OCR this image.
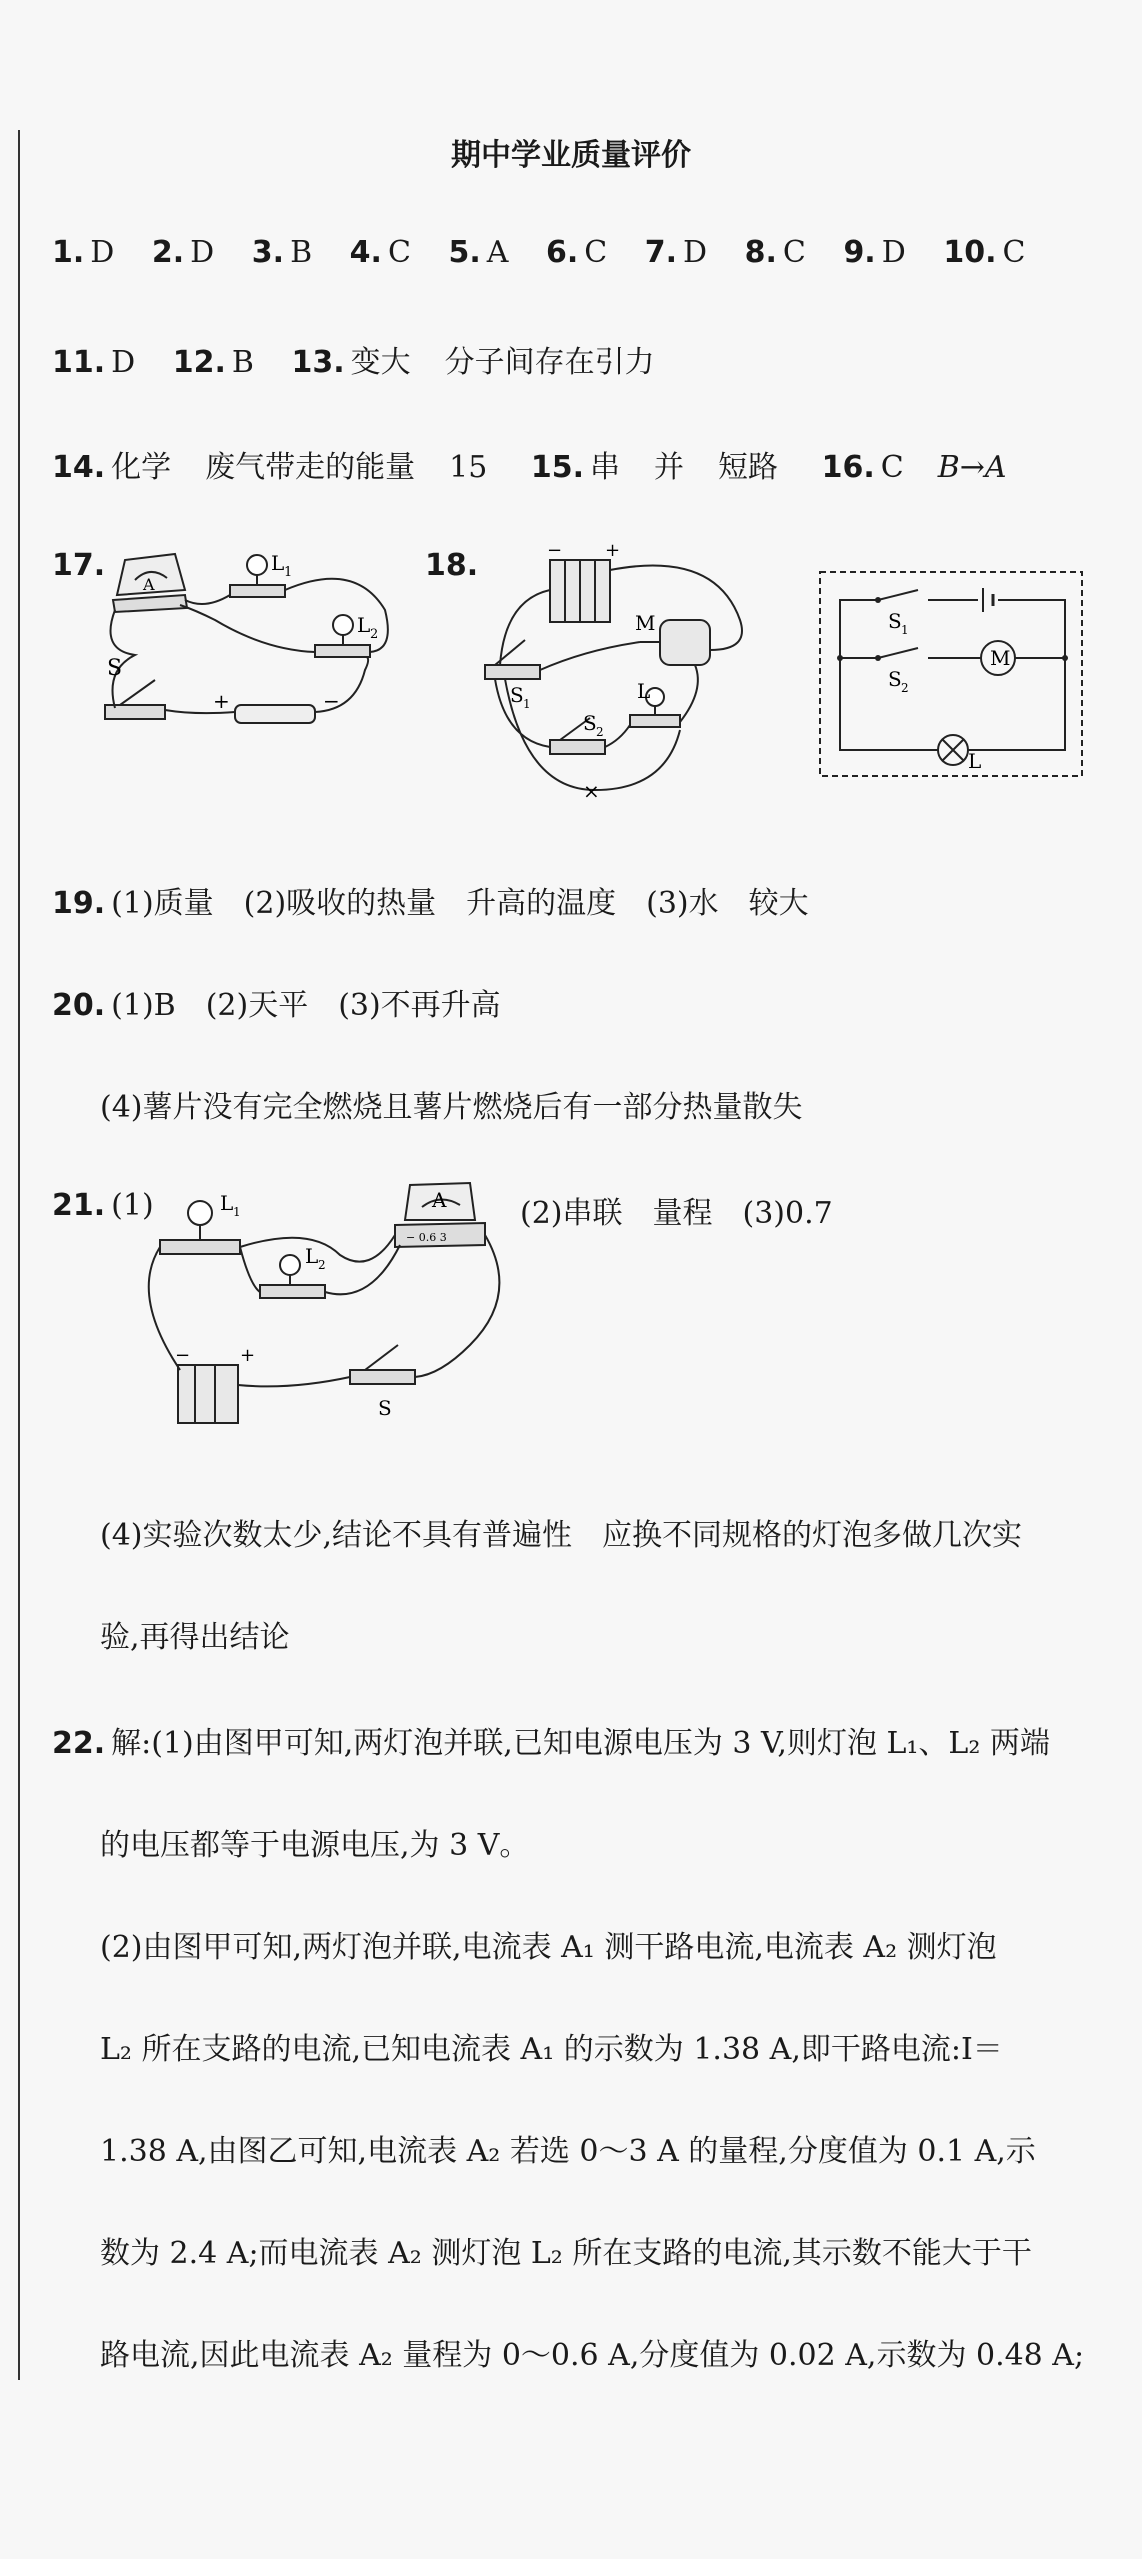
期中学业质量评价
1. D 2. D 3. B 4. C 5. A 6. C 7. D 8. C 9. D 10. C
11. D 12. B 13. 变大 分子间存在引力
14. 化学 废气带走的能量 15 15. 串 并 短路 16. C B→A
17.
A
L 1
L 2
S
+	−
18.	− +
M
S 1
S 2
L
×
S 1
S 2
M
L
19. (1)质量　(2)吸收的热量　升高的温度　(3)水　较大
20. (1)B　(2)天平　(3)不再升高
(4)薯片没有完全燃烧且薯片燃烧后有一部分热量散失
21. (1)	(2)串联　量程　(3)0.7
L 1
L 2
A
− 0.6 3
−	+
S
(4)实验次数太少,结论不具有普遍性　应换不同规格的灯泡多做几次实
验,再得出结论
22. 解:(1)由图甲可知,两灯泡并联,已知电源电压为 3 V,则灯泡 L₁、L₂ 两端
的电压都等于电源电压,为 3 V。
(2)由图甲可知,两灯泡并联,电流表 A₁ 测干路电流,电流表 A₂ 测灯泡
L₂ 所在支路的电流,已知电流表 A₁ 的示数为 1.38 A,即干路电流:I＝
1.38 A,由图乙可知,电流表 A₂ 若选 0～3 A 的量程,分度值为 0.1 A,示
数为 2.4 A;而电流表 A₂ 测灯泡 L₂ 所在支路的电流,其示数不能大于干
路电流,因此电流表 A₂ 量程为 0～0.6 A,分度值为 0.02 A,示数为 0.48 A;
